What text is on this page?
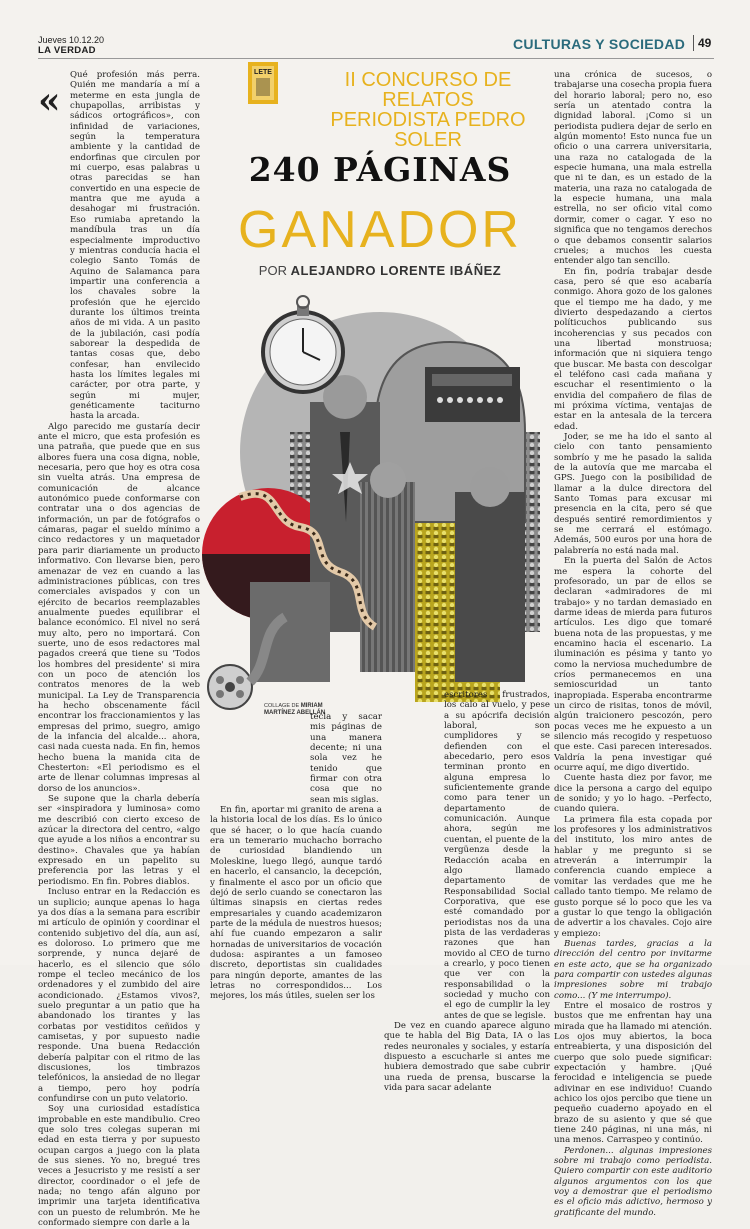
Jueves 10.12.20
LA VERDAD	CULTURAS Y SOCIEDAD 49
LETE	II CONCURSO DE RELATOS
PERIODISTA PEDRO SOLER
240 PÁGINAS
GANADOR
POR ALEJANDRO LORENTE IBÁÑEZ
COLLAGE DE MIRIAM MARTÍNEZ ABELLÁN
«

Qué profesión más perra. Quién me mandaría a mí a meterme en esta jungla de chupapollas, arribistas y sádicos ortográficos», con infinidad de variaciones, según la temperatura ambiente y la cantidad de endorfinas que circulen por mi cuerpo, esas palabras u otras parecidas se han convertido en una especie de mantra que me ayuda a desahogar mi frustración. Eso rumiaba apretando la mandíbula tras un día especialmente improductivo y mientras conducía hacia el colegio Santo Tomás de Aquino de Salamanca para impartir una conferencia a los chavales sobre la profesión que he ejercido durante los últimos treinta años de mi vida. A un pasito de la jubilación, casi podía saborear la despedida de tantas cosas que, debo confesar, han envilecido hasta los límites legales mi carácter, por otra parte, y según mi mujer, genéticamente taciturno hasta la arcada.

Algo parecido me gustaría decir ante el micro, que esta profesión es una patraña, que puede que en sus albores fuera una cosa digna, noble, necesaria, pero que hoy es otra cosa sin vuelta atrás. Una empresa de comunicación de alcance autonómico puede conformarse con contratar una o dos agencias de información, un par de fotógrafos o cámaras, pagar el sueldo mínimo a cinco redactores y un maquetador para parir diariamente un producto informativo. Con llevarse bien, pero amenazar de vez en cuando a las administraciones públicas, con tres comerciales avispados y con un ejército de becarios reemplazables anualmente puedes equilibrar el balance económico. El nivel no será muy alto, pero no importará. Con suerte, uno de esos redactores mal pagados creerá que tiene su 'Todos los hombres del presidente' si mira con un poco de atención los contratos menores de la web municipal. La Ley de Transparencia ha hecho obscenamente fácil encontrar los fraccionamientos y las empresas del primo, suegro, amigo de la infancia del alcalde... ahora, casi nada cuesta nada. En fin, hemos hecho buena la manida cita de Chesterton: «El periodismo es el arte de llenar columnas impresas al dorso de los anuncios».

Se supone que la charla debería ser «inspiradora y luminosa» como me describió con cierto exceso de azúcar la directora del centro, «algo que ayude a los niños a encontrar su destino». Chavales que ya habían expresado en un papelito su preferencia por las letras y el periodismo. En fin. Pobres diablos.

Incluso entrar en la Redacción es un suplicio; aunque apenas lo haga ya dos días a la semana para escribir mi artículo de opinión y coordinar el contenido subjetivo del día, aun así, es doloroso. Lo primero que me sorprende, y nunca dejaré de hacerlo, es el silencio que sólo rompe el tecleo mecánico de los ordenadores y el zumbido del aire acondicionado. ¿Estamos vivos?, suelo preguntar a un patio que ha abandonado los tirantes y las corbatas por vestiditos ceñidos y camisetas, y por supuesto nadie responde. Una buena Redacción debería palpitar con el ritmo de las discusiones, los timbrazos telefónicos, la ansiedad de no llegar a tiempo, pero hoy podría confundirse con un puto velatorio.

Soy una curiosidad estadística improbable en este mandibulio. Creo que solo tres colegas superan mi edad en esta tierra y por supuesto ocupan cargos a juego con la plata de sus sienes. Yo no, bregué tres veces a Jesucristo y me resistí a ser director, coordinador o el jefe de nada; no tengo afán alguno por imprimir una tarjeta identificativa con un puesto de relumbrón. Me he conformado siempre con darle a la

tecla y sacar mis páginas de una manera decente; ni una sola vez he tenido que firmar con otra cosa que no sean mis siglas.

En fin, aportar mi granito de arena a la historia local de los días. Es lo único que sé hacer, o lo que hacía cuando era un temerario muchacho borracho de curiosidad blandiendo un Moleskine, luego llegó, aunque tardó en hacerlo, el cansancio, la decepción, y finalmente el asco por un oficio que dejó de serlo cuando se conectaron las últimas sinapsis en ciertas redes empresariales y cuando academizaron parte de la médula de nuestros huesos; ahí fue cuando empezaron a salir hornadas de universitarios de vocación dudosa: aspirantes a un famoseo discreto, deportistas sin cualidades para ningún deporte, amantes de las letras no correspondidos... Los mejores, los más útiles, suelen ser los

escritores frustrados, los calo al vuelo, y pese a su apócrifa decisión laboral, son cumplidores y se defienden con el abecedario, pero esos terminan pronto en alguna empresa lo suficientemente grande como para tener un departamento de comunicación. Aunque ahora, según me cuentan, el puente de la vergüenza desde la Redacción acaba en algo llamado departamento de Responsabilidad Social Corporativa, que ese esté comandado por periodistas nos da una pista de las verdaderas razones que han movido al CEO de turno a crearlo, y poco tienen que ver con la responsabilidad o la sociedad y mucho con el ego de cumplir la ley antes de que se legisle.

De vez en cuando aparece alguno que te habla del Big Data, IA o las redes neuronales y sociales, y estaría dispuesto a escucharle si antes me hubiera demostrado que sabe cubrir una rueda de prensa, buscarse la vida para sacar adelante

una crónica de sucesos, o trabajarse una cosecha propia fuera del horario laboral; pero no, eso sería un atentado contra la dignidad laboral. ¡Como si un periodista pudiera dejar de serlo en algún momento! Esto nunca fue un oficio o una carrera universitaria, una raza no catalogada de la especie humana, una mala estrella que ni te dan, es un estado de la materia, una raza no catalogada de la especie humana, una mala estrella, no ser oficio vital como dormir, comer o cagar. Y eso no significa que no tengamos derechos o que debamos consentir salarios crueles; a muchos les cuesta entender algo tan sencillo.

En fin, podría trabajar desde casa, pero sé que eso acabaría conmigo. Ahora gozo de los galones que el tiempo me ha dado, y me divierto despedazando a ciertos políticuchos publicando sus incoherencias y sus pecados con una libertad monstruosa; información que ni siquiera tengo que buscar. Me basta con descolgar el teléfono casi cada mañana y escuchar el resentimiento o la envidia del compañero de filas de mi próxima víctima, ventajas de estar en la antesala de la tercera edad.

Joder, se me ha ido el santo al cielo con tanto pensamiento sombrío y me he pasado la salida de la autovía que me marcaba el GPS. Juego con la posibilidad de llamar a la dulce directora del Santo Tomas para excusar mi presencia en la cita, pero sé que después sentiré remordimientos y se me cerrará el estómago. Además, 500 euros por una hora de palabrería no está nada mal.

En la puerta del Salón de Actos me espera la cohorte del profesorado, un par de ellos se declaran «admiradores de mi trabajo» y no tardan demasiado en darme ideas de mierda para futuros artículos. Les digo que tomaré buena nota de las propuestas, y me encamino hacia el escenario. La iluminación es pésima y tanto yo como la nerviosa muchedumbre de críos permanecemos en una semioscuridad un tanto inapropiada. Esperaba encontrarme un circo de risitas, tonos de móvil, algún traicionero pescozón, pero pocas veces me he expuesto a un silencio más recogido y respetuoso que este. Casi parecen interesados. Valdría la pena investigar qué ocurre aquí, me digo divertido.

Cuente hasta diez por favor, me dice la persona a cargo del equipo de sonido; y yo lo hago. –Perfecto, cuando quiera.

La primera fila esta copada por los profesores y los administrativos del instituto, los miro antes de hablar y me pregunto si se atreverán a interrumpir la conferencia cuando empiece a vomitar las verdades que me he callado tanto tiempo. Me relamo de gusto porque sé lo poco que les va a gustar lo que tengo la obligación de advertir a los chavales. Cojo aire y empiezo:

Buenas tardes, gracias a la dirección del centro por invitarme en este acto, que se ha organizado para compartir con ustedes algunas impresiones sobre mi trabajo como... (Y me interrumpo).

Entre el mosaico de rostros y bustos que me enfrentan hay una mirada que ha llamado mi atención. Los ojos muy abiertos, la boca entreabierta, y una disposición del cuerpo que solo puede significar: expectación y hambre. ¡Qué ferocidad e inteligencia se puede adivinar en ese individuo! Cuando achico los ojos percibo que tiene un pequeño cuaderno apoyado en el brazo de su asiento y que sé que tiene 240 páginas, ni una más, ni una menos. Carraspeo y continúo.

Perdonen... algunas impresiones sobre mi trabajo como periodista. Quiero compartir con este auditorio algunos argumentos con los que voy a demostrar que el periodismo es el oficio más adictivo, hermoso y gratificante del mundo.
